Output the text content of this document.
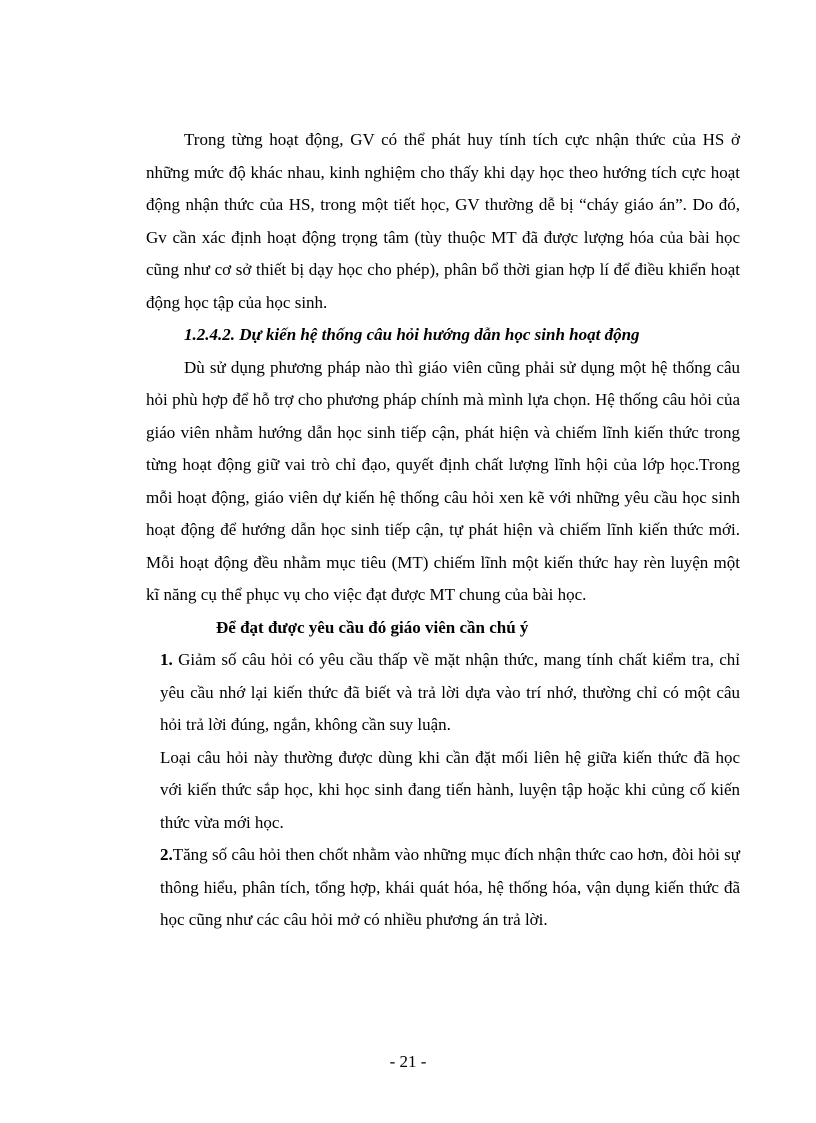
Trong từng hoạt động, GV có thể phát huy tính tích cực nhận thức của HS ở những mức độ khác nhau, kinh nghiệm cho thấy khi dạy học theo hướng tích cực hoạt động nhận thức của HS, trong một tiết học, GV thường dễ bị “cháy giáo án”. Do đó, Gv cần xác định hoạt động trọng tâm (tùy thuộc MT đã được lượng hóa của bài học cũng như cơ sở thiết bị dạy học cho phép), phân bổ thời gian hợp lí để điều khiển hoạt động học tập của học sinh.

1.2.4.2. Dự kiến hệ thống câu hỏi hướng dẫn học sinh hoạt động

Dù sử dụng phương pháp nào thì giáo viên cũng phải sử dụng một hệ thống câu hỏi phù hợp để hỗ trợ cho phương pháp chính mà mình lựa chọn. Hệ thống câu hỏi của giáo viên nhằm hướng dẫn học sinh tiếp cận, phát hiện và chiếm lĩnh kiến thức trong từng hoạt động giữ vai trò chỉ đạo, quyết định chất lượng lĩnh hội của lớp học.Trong mỗi hoạt động, giáo viên dự kiến hệ thống câu hỏi xen kẽ với những yêu cầu học sinh hoạt động để hướng dẫn học sinh tiếp cận, tự phát hiện và chiếm lĩnh kiến thức mới. Mỗi hoạt động đều nhằm mục tiêu (MT) chiếm lĩnh một kiến thức hay rèn luyện một kĩ năng cụ thể phục vụ cho việc đạt được MT chung của bài học.

Để đạt được yêu cầu đó giáo viên cần chú ý

1. Giảm số câu hỏi có yêu cầu thấp về mặt nhận thức, mang tính chất kiểm tra, chỉ yêu cầu nhớ lại kiến thức đã biết và trả lời dựa vào trí nhớ, thường chỉ có một câu hỏi trả lời đúng, ngắn, không cần suy luận.

Loại câu hỏi này thường được dùng khi cần đặt mối liên hệ giữa kiến thức đã học với kiến thức sắp học, khi học sinh đang tiến hành, luyện tập hoặc khi củng cố kiến thức vừa mới học.

2.Tăng số câu hỏi then chốt nhằm vào những mục đích nhận thức cao hơn, đòi hỏi sự thông hiểu, phân tích, tổng hợp, khái quát hóa, hệ thống hóa, vận dụng kiến thức đã học cũng như các câu hỏi mở có nhiều phương án trả lời.

- 21 -
